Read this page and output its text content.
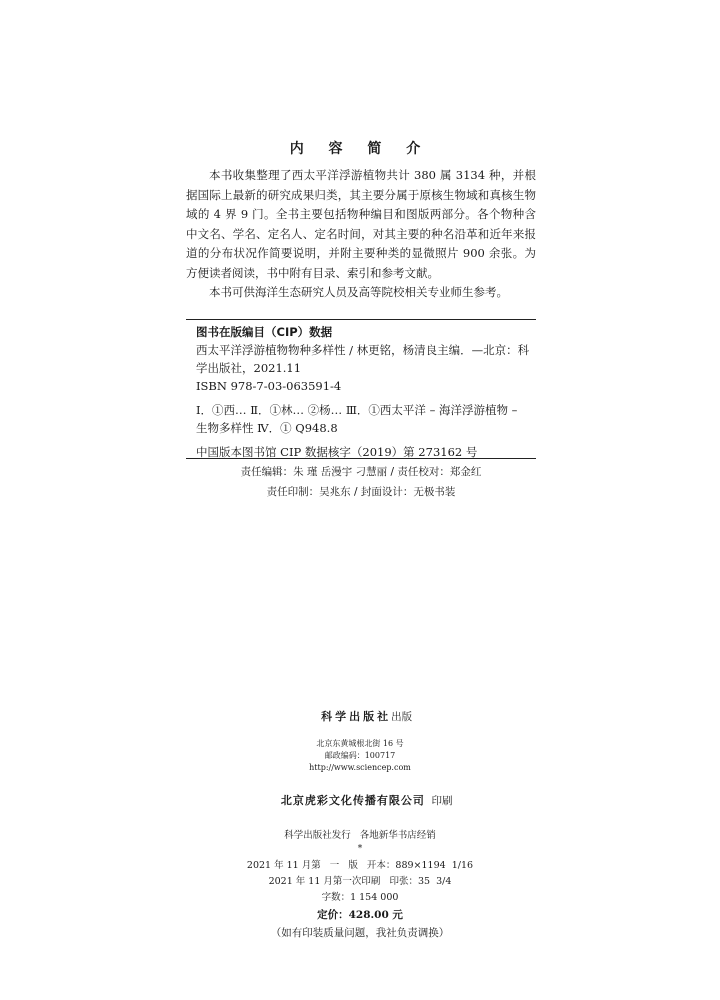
内 容 简 介

本书收集整理了西太平洋浮游植物共计 380 属 3134 种，并根据国际上最新的研究成果归类，其主要分属于原核生物域和真核生物域的 4 界 9 门。全书主要包括物种编目和图版两部分。各个物种含中文名、学名、定名人、定名时间，对其主要的种名沿革和近年来报道的分布状况作简要说明，并附主要种类的显微照片 900 余张。为方便读者阅读，书中附有目录、索引和参考文献。

本书可供海洋生态研究人员及高等院校相关专业师生参考。

图书在版编目（CIP）数据
西太平洋浮游植物物种多样性 / 林更铭，杨清良主编．—北京：科学出版社，2021.11
ISBN 978-7-03-063591-4
Ⅰ．①西… Ⅱ．①林… ②杨… Ⅲ．①西太平洋 – 海洋浮游植物 – 生物多样性 Ⅳ．① Q948.8
中国版本图书馆 CIP 数据核字（2019）第 273162 号
责任编辑：朱 瑾 岳漫宇 刁慧丽 / 责任校对：郑金红
责任印制：吴兆东 / 封面设计：无极书装

科学出版社出版

北京东黄城根北街 16 号
邮政编码：100717
http://www.sciencep.com

北京虎彩文化传播有限公司 印刷

科学出版社发行   各地新华书店经销
*
2021 年 11 月第   一   版   开本：889×1194  1/16
2021 年 11 月第一次印刷   印张：35  3/4
字数：1 154 000
定价：428.00 元
（如有印装质量问题，我社负责调换）
